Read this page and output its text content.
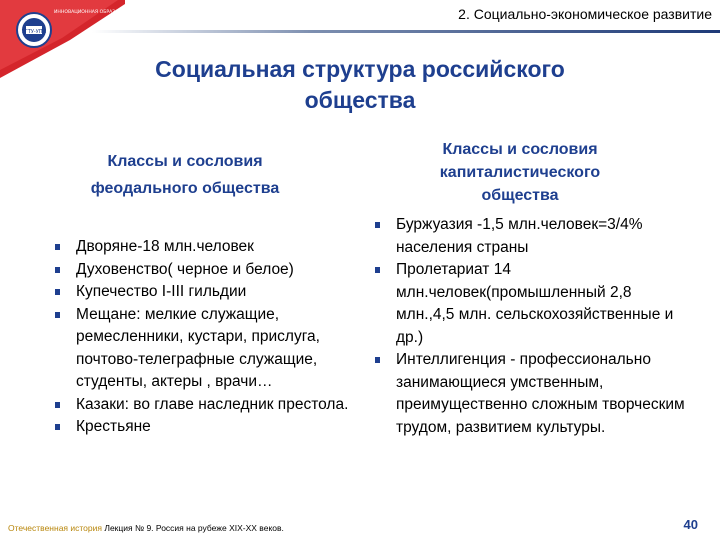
УГТУ-УПИ
ИННОВАЦИОННАЯ ОБРАЗОВАТЕЛЬНАЯ ПРОГРАММА	2. Социально-экономическое развитие
Социальная структура российского
общества
Классы и сословия
феодального общества
Классы и сословия
капиталистического
общества
Дворяне-18 млн.человек
Духовенство( черное и белое)
Купечество I-III гильдии
Мещане: мелкие служащие, ремесленники, кустари, прислуга, почтово-телеграфные служащие, студенты, актеры , врачи…
Казаки: во главе наследник престола.
Крестьяне
Буржуазия -1,5 млн.человек=3/4% населения страны
Пролетариат 14 млн.человек(промышленный 2,8 млн.,4,5 млн. сельскохозяйственные и др.)
Интеллигенция - профессионально занимающиеся умственным, преимущественно сложным творческим трудом, развитием культуры.
Отечественная история Лекция № 9. Россия на рубеже XIX-XX веков.	40
